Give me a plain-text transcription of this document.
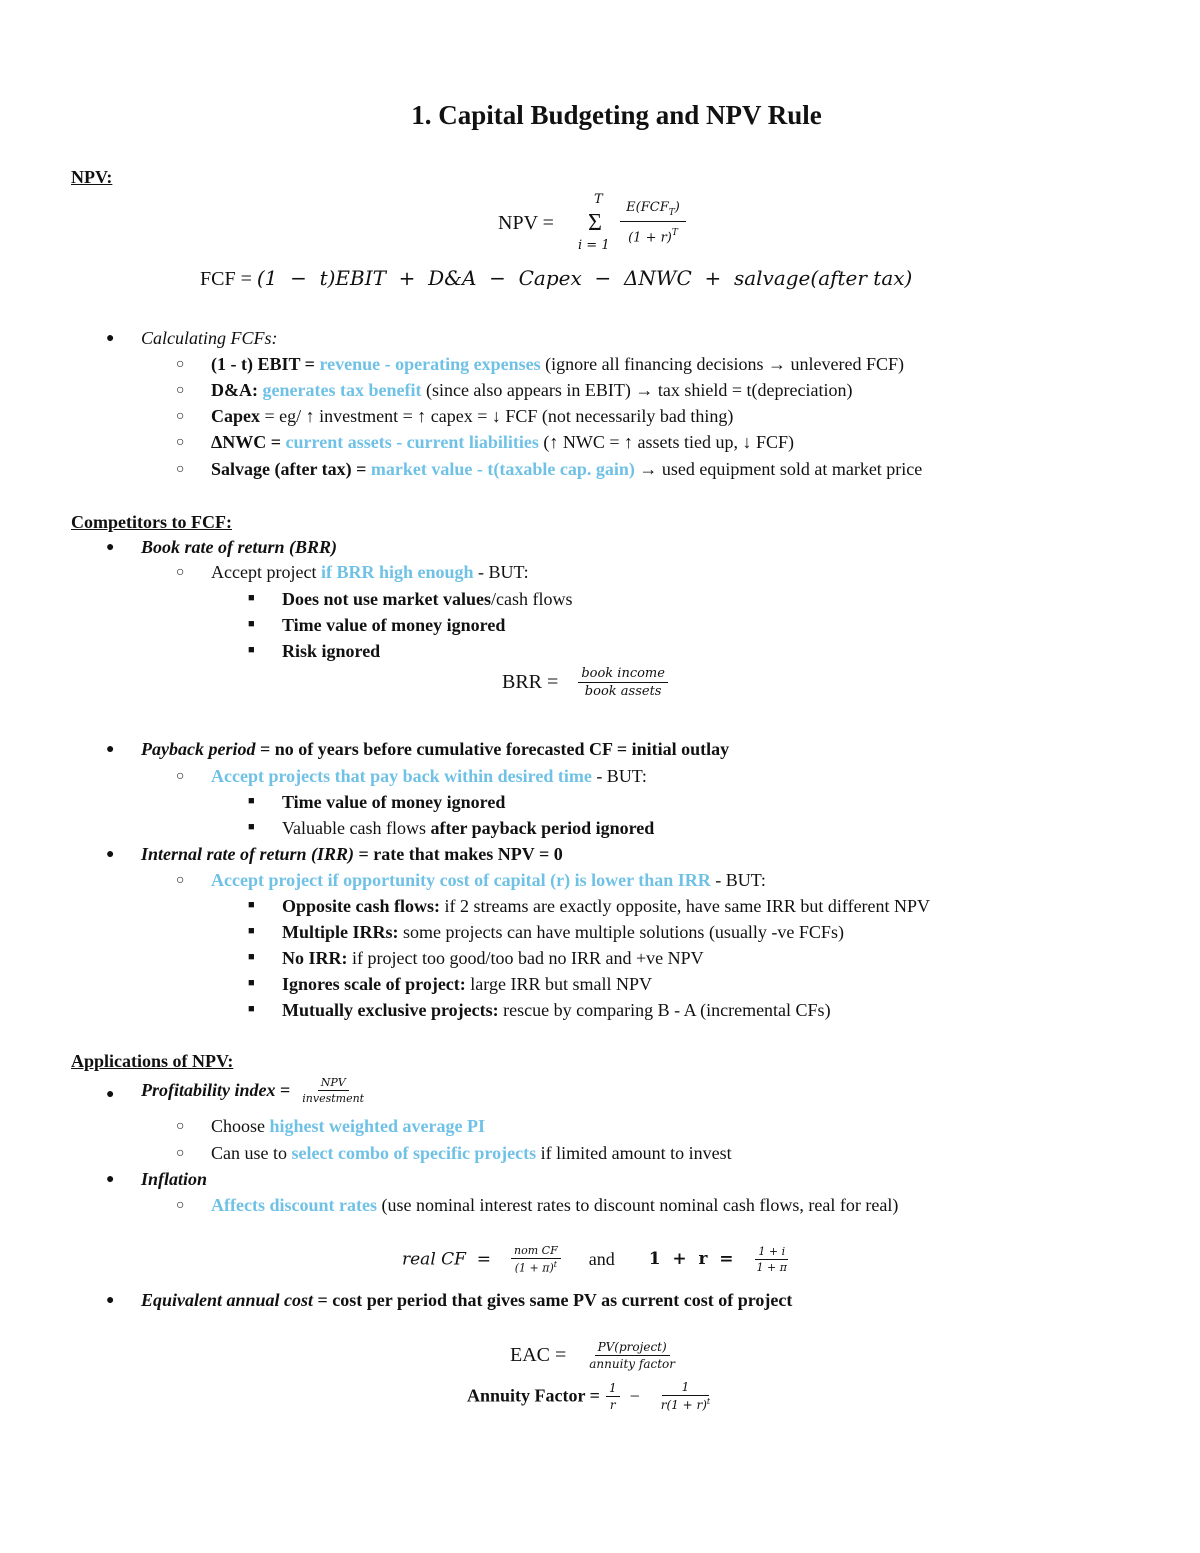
1. Capital Budgeting and NPV Rule
NPV:
NPV =
T
Σ
i = 1
$E(FCF_T)$
$(1 + r)^T$
FCF = (1  −  t)EBIT  +  D&A  −  Capex  −  ΔNWC  +  salvage(after tax)
● Calculating FCFs:
○ (1 - t) EBIT = revenue - operating expenses (ignore all financing decisions → unlevered FCF)
○ D&A: generates tax benefit (since also appears in EBIT) → tax shield = t(depreciation)
○ Capex = eg/ ↑ investment = ↑ capex = ↓ FCF (not necessarily bad thing)
○ ΔNWC = current assets - current liabilities (↑ NWC = ↑ assets tied up, ↓ FCF)
○ Salvage (after tax) = market value - t(taxable cap. gain) → used equipment sold at market price
Competitors to FCF:
● Book rate of return (BRR)
○ Accept project if BRR high enough - BUT:
■ Does not use market values/cash flows
■ Time value of money ignored
■ Risk ignored
BRR = $\frac{\text{book income}}{\text{book assets}}$
● Payback period = no of years before cumulative forecasted CF = initial outlay
○ Accept projects that pay back within desired time - BUT:
■ Time value of money ignored
■ Valuable cash flows after payback period ignored
● Internal rate of return (IRR) = rate that makes NPV = 0
○ Accept project if opportunity cost of capital (r) is lower than IRR - BUT:
■ Opposite cash flows: if 2 streams are exactly opposite, have same IRR but different NPV
■ Multiple IRRs: some projects can have multiple solutions (usually -ve FCFs)
■ No IRR: if project too good/too bad no IRR and +ve NPV
■ Ignores scale of project: large IRR but small NPV
■ Mutually exclusive projects: rescue by comparing B - A (incremental CFs)
Applications of NPV:
● Profitability index = $\frac{\text{NPV}}{\text{investment}}$
○ Choose highest weighted average PI
○ Can use to select combo of specific projects if limited amount to invest
● Inflation
○ Affects discount rates (use nominal interest rates to discount nominal cash flows, real for real)
real CF  = $\frac{\text{nom CF}}{(1 + \pi)^t}$ and $1 + r = \frac{1 + i}{1 + \pi}$
● Equivalent annual cost = cost per period that gives same PV as current cost of project
EAC = $\frac{\text{PV(project)}}{\text{annuity factor}}$
Annuity Factor = $\frac{1}{r} - \frac{1}{r(1 + r)^t}$
